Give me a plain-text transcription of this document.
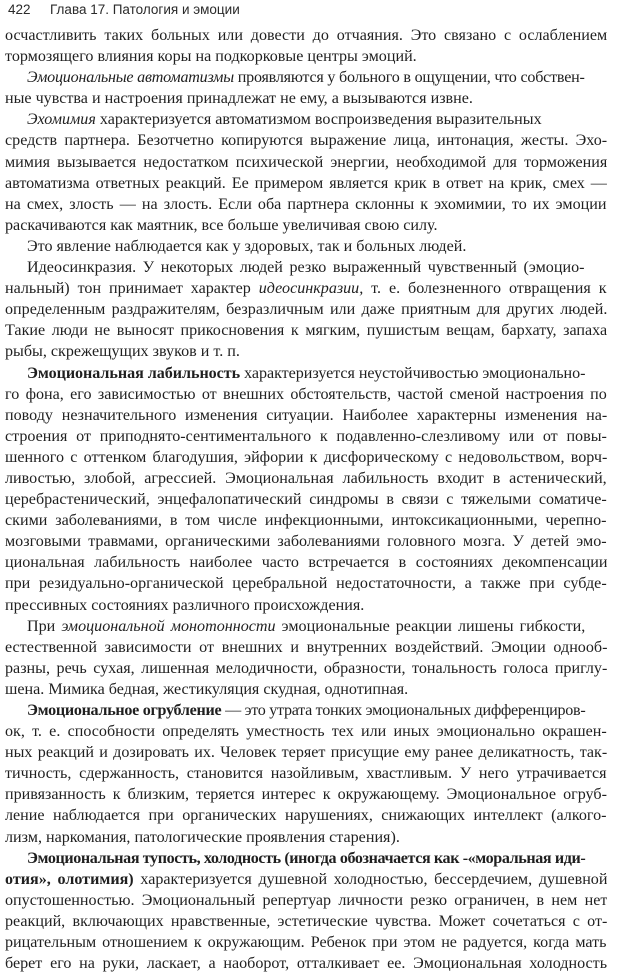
422 Глава 17. Патология и эмоции
осчастливить таких больных или довести до отчаяния. Это связано с ослаблением
тормозящего влияния коры на подкорковые центры эмоций.
Эмоциональные автоматизмы проявляются у больного в ощущении, что собствен-
ные чувства и настроения принадлежат не ему, а вызываются извне.
Эхомимия характеризуется автоматизмом воспроизведения выразительных
средств партнера. Безотчетно копируются выражение лица, интонация, жесты. Эхо-
мимия вызывается недостатком психической энергии, необходимой для торможения
автоматизма ответных реакций. Ее примером является крик в ответ на крик, смех —
на смех, злость — на злость. Если оба партнера склонны к эхомимии, то их эмоции
раскачиваются как маятник, все больше увеличивая свою силу.
Это явление наблюдается как у здоровых, так и больных людей.
Идеосинкразия. У некоторых людей резко выраженный чувственный (эмоцио-
нальный) тон принимает характер идеосинкразии, т. е. болезненного отвращения к
определенным раздражителям, безразличным или даже приятным для других людей.
Такие люди не выносят прикосновения к мягким, пушистым вещам, бархату, запаха
рыбы, скрежещущих звуков и т. п.
Эмоциональная лабильность характеризуется неустойчивостью эмоционально-
го фона, его зависимостью от внешних обстоятельств, частой сменой настроения по
поводу незначительного изменения ситуации. Наиболее характерны изменения на-
строения от приподнято-сентиментального к подавленно-слезливому или от повы-
шенного с оттенком благодушия, эйфории к дисфорическому с недовольством, ворч-
ливостью, злобой, агрессией. Эмоциональная лабильность входит в астенический,
церебрастенический, энцефалопатический синдромы в связи с тяжелыми соматиче-
скими заболеваниями, в том числе инфекционными, интоксикационными, черепно-
мозговыми травмами, органическими заболеваниями головного мозга. У детей эмо-
циональная лабильность наиболее часто встречается в состояниях декомпенсации
при резидуально-органической церебральной недостаточности, а также при субде-
прессивных состояниях различного происхождения.
При эмоциональной монотонности эмоциональные реакции лишены гибкости,
естественной зависимости от внешних и внутренних воздействий. Эмоции однооб-
разны, речь сухая, лишенная мелодичности, образности, тональность голоса приглу-
шена. Мимика бедная, жестикуляция скудная, однотипная.
Эмоциональное огрубление — это утрата тонких эмоциональных дифференциров-
ок, т. е. способности определять уместность тех или иных эмоционально окрашен-
ных реакций и дозировать их. Человек теряет присущие ему ранее деликатность, так-
тичность, сдержанность, становится назойливым, хвастливым. У него утрачивается
привязанность к близким, теряется интерес к окружающему. Эмоциональное огруб-
ление наблюдается при органических нарушениях, снижающих интеллект (алкого-
лизм, наркомания, патологические проявления старения).
Эмоциональная тупость, холодность (иногда обозначается как -«моральная иди-
отия», олотимия) характеризуется душевной холодностью, бессердечием, душевной
опустошенностью. Эмоциональный репертуар личности резко ограничен, в нем нет
реакций, включающих нравственные, эстетические чувства. Может сочетаться с от-
рицательным отношением к окружающим. Ребенок при этом не радуется, когда мать
берет его на руки, ласкает, а наоборот, отталкивает ее. Эмоциональная холодность
